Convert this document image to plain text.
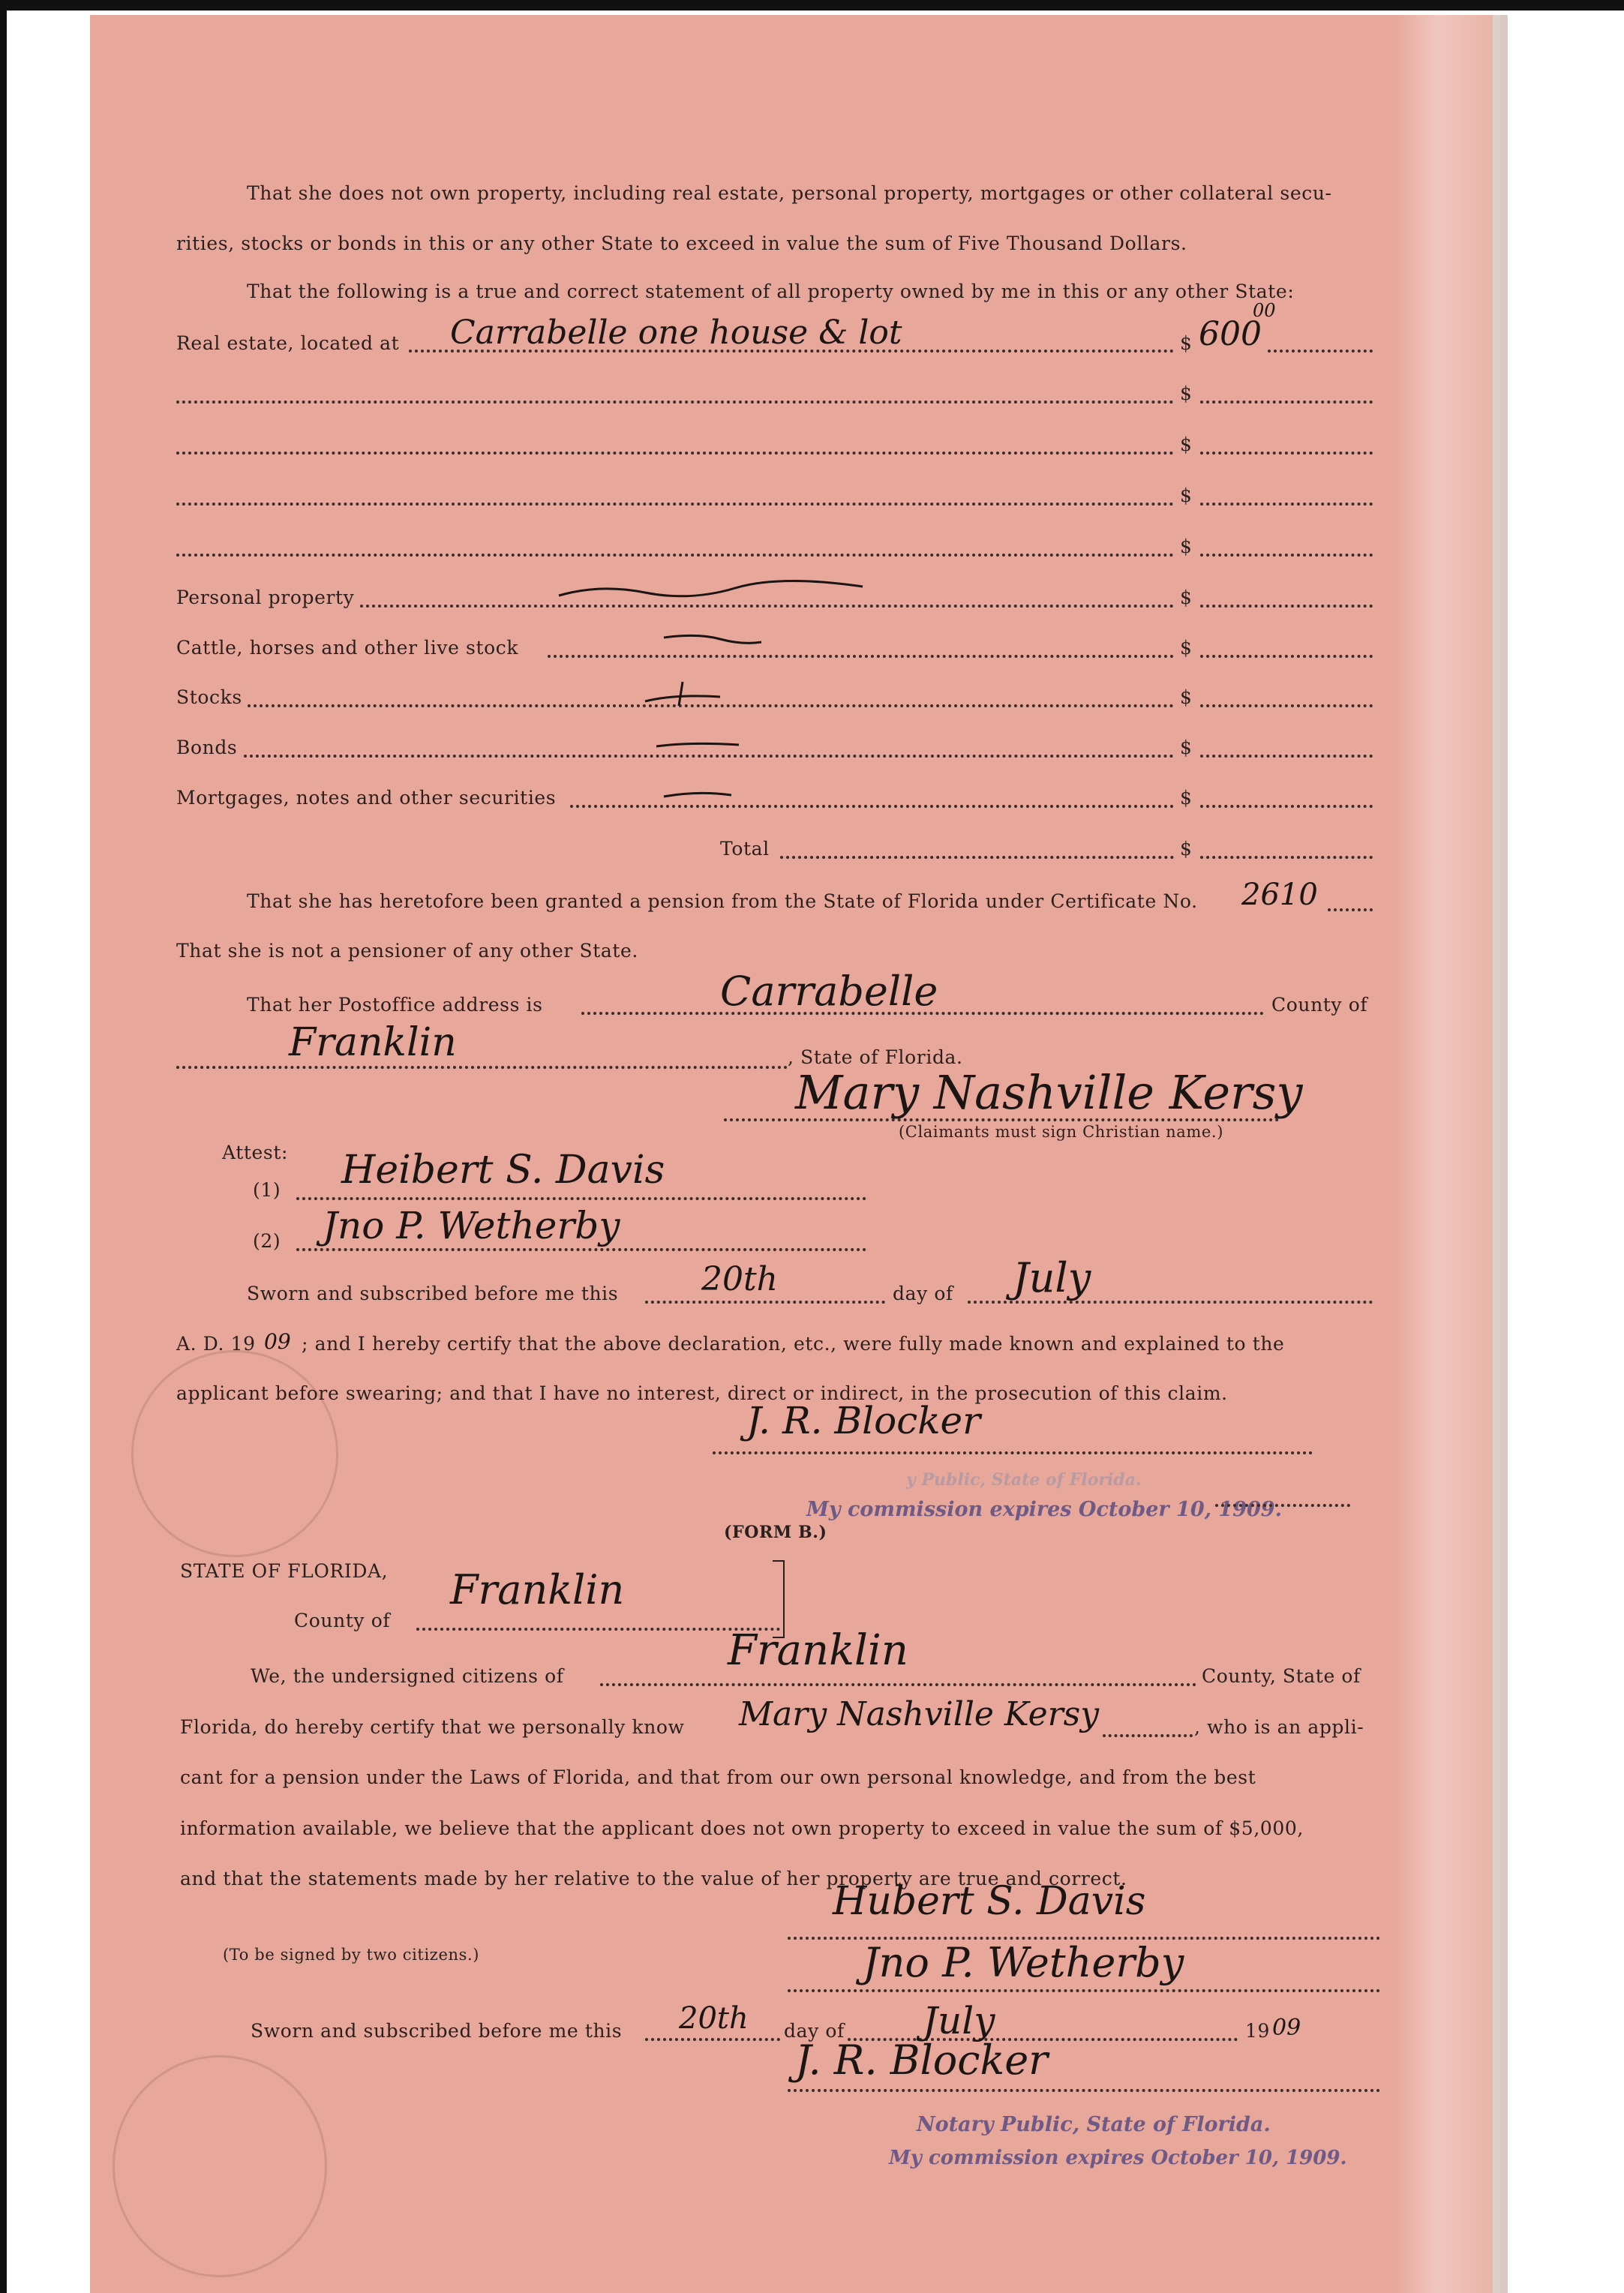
That she does not own property, including real estate, personal property, mortgages or other collateral secu-
rities, stocks or bonds in this or any other State to exceed in value the sum of Five Thousand Dollars.
That the following is a true and correct statement of all property owned by me in this or any other State:
Real estate, located at Carrabelle one house & lot	$ 600
00
$
$
$
$
Personal property	$
Cattle, horses and other live stock	$
Stocks	$
Bonds	$
Mortgages, notes and other securities	$
Total	$
That she has heretofore been granted a pension from the State of Florida under Certificate No. 2610
That she is not a pensioner of any other State.
That her Postoffice address is	Carrabelle	County of
Franklin	, State of Florida.
Mary Nashville Kersy
(Claimants must sign Christian name.)
Attest:
(1) Heibert S. Davis
(2) Jno P. Wetherby
Sworn and subscribed before me this	20th	day of July
A. D. 19 09 ; and I hereby certify that the above declaration, etc., were fully made known and explained to the
applicant before swearing; and that I have no interest, direct or indirect, in the prosecution of this claim.
J. R. Blocker
y Public, State of Florida.
My commission expires October 10, 1909.
(FORM B.)
STATE OF FLORIDA,
County of
Franklin
We, the undersigned citizens of
Franklin
County, State of
Florida, do hereby certify that we personally know Mary Nashville Kersy	, who is an appli-
cant for a pension under the Laws of Florida, and that from our own personal knowledge, and from the best
information available, we believe that the applicant does not own property to exceed in value the sum of $5,000,
and that the statements made by her relative to the value of her property are true and correct.
Hubert S. Davis
(To be signed by two citizens.)	Jno P. Wetherby
Sworn and subscribed before me this 20th day of July	19 09
J. R. Blocker
Notary Public, State of Florida.
My commission expires October 10, 1909.
